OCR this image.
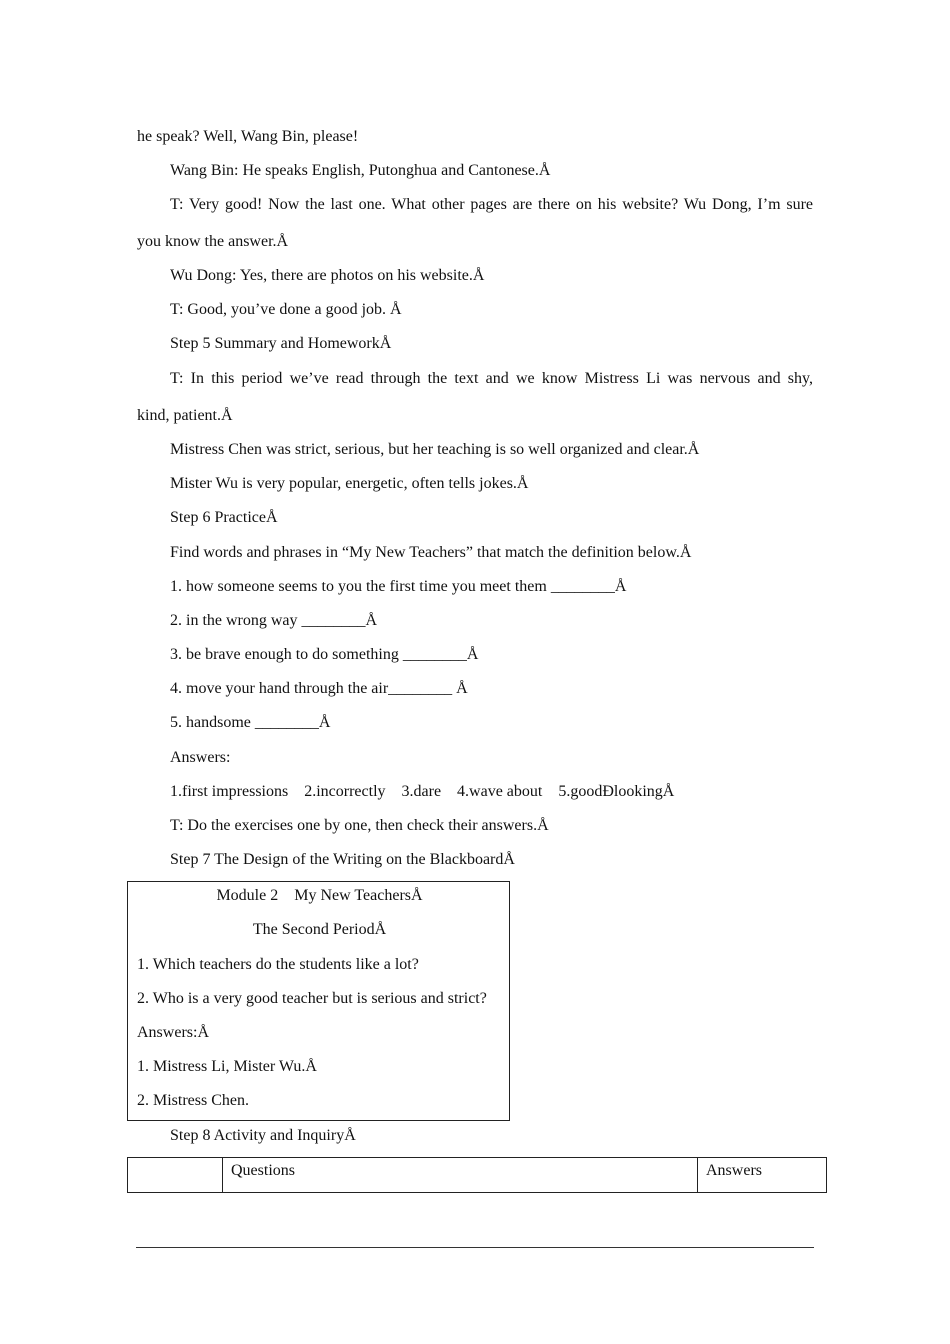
he speak? Well, Wang Bin, please!
Wang Bin: He speaks English, Putonghua and Cantonese.Å
T: Very good! Now the last one. What other pages are there on his website? Wu Dong, I’m sure
you know the answer.Å
Wu Dong: Yes, there are photos on his website.Å
T: Good, you’ve done a good job. Å
Step 5 Summary and HomeworkÅ
T: In this period we’ve read through the text and we know Mistress Li was nervous and shy,
kind, patient.Å
Mistress Chen was strict, serious, but her teaching is so well organized and clear.Å
Mister Wu is very popular, energetic, often tells jokes.Å
Step 6 PracticeÅ
Find words and phrases in “My New Teachers” that match the definition below.Å
1. how someone seems to you the first time you meet them ________Å
2. in the wrong way ________Å
3. be brave enough to do something ________Å
4. move your hand through the air________ Å
5. handsome ________Å
Answers:
1.first impressions    2.incorrectly    3.dare    4.wave about    5.goodÐlookingÅ
T: Do the exercises one by one, then check their answers.Å
Step 7 The Design of the Writing on the BlackboardÅ
Module 2    My New TeachersÅ
The Second PeriodÅ
1. Which teachers do the students like a lot?
2. Who is a very good teacher but is serious and strict?
Answers:Å
1. Mistress Li, Mister Wu.Å
2. Mistress Chen.
Step 8 Activity and InquiryÅ
	Questions	Answers
